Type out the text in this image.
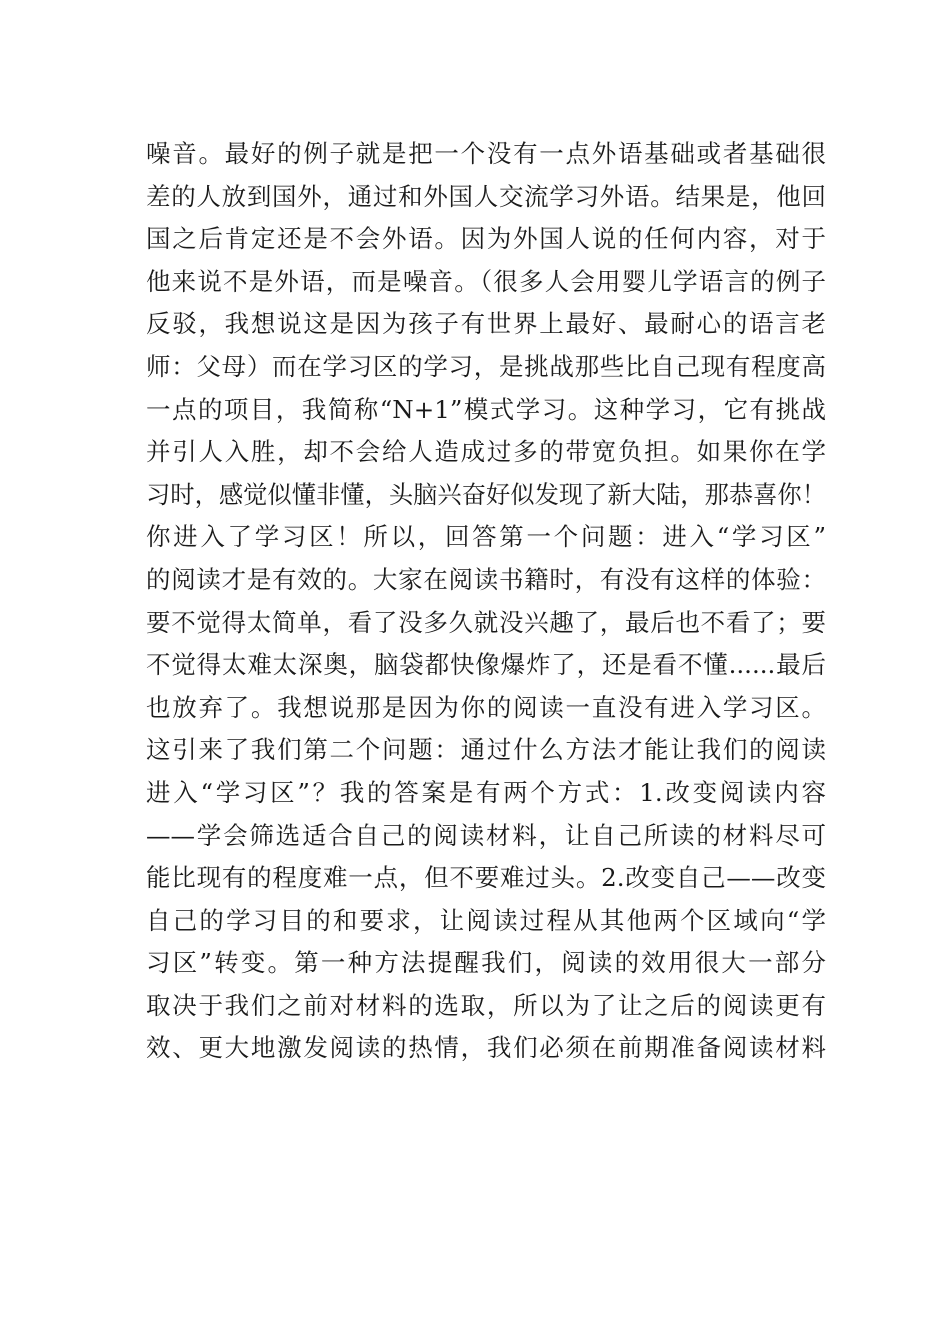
噪音。最好的例子就是把一个没有一点外语基础或者基础很
差的人放到国外，通过和外国人交流学习外语。结果是，他回
国之后肯定还是不会外语。因为外国人说的任何内容，对于
他来说不是外语，而是噪音。（很多人会用婴儿学语言的例子
反驳，我想说这是因为孩子有世界上最好、最耐心的语言老
师：父母）而在学习区的学习，是挑战那些比自己现有程度高
一点的项目，我简称“N+1”模式学习。这种学习，它有挑战
并引人入胜，却不会给人造成过多的带宽负担。如果你在学
习时，感觉似懂非懂，头脑兴奋好似发现了新大陆，那恭喜你！
你进入了学习区！所以，回答第一个问题：进入“学习区”
的阅读才是有效的。大家在阅读书籍时，有没有这样的体验：
要不觉得太简单，看了没多久就没兴趣了，最后也不看了；要
不觉得太难太深奥，脑袋都快像爆炸了，还是看不懂......最后
也放弃了。我想说那是因为你的阅读一直没有进入学习区。
这引来了我们第二个问题：通过什么方法才能让我们的阅读
进入“学习区”？我的答案是有两个方式：1.改变阅读内容
——学会筛选适合自己的阅读材料，让自己所读的材料尽可
能比现有的程度难一点，但不要难过头。2.改变自己——改变
自己的学习目的和要求，让阅读过程从其他两个区域向“学
习区”转变。第一种方法提醒我们，阅读的效用很大一部分
取决于我们之前对材料的选取，所以为了让之后的阅读更有
效、更大地激发阅读的热情，我们必须在前期准备阅读材料
